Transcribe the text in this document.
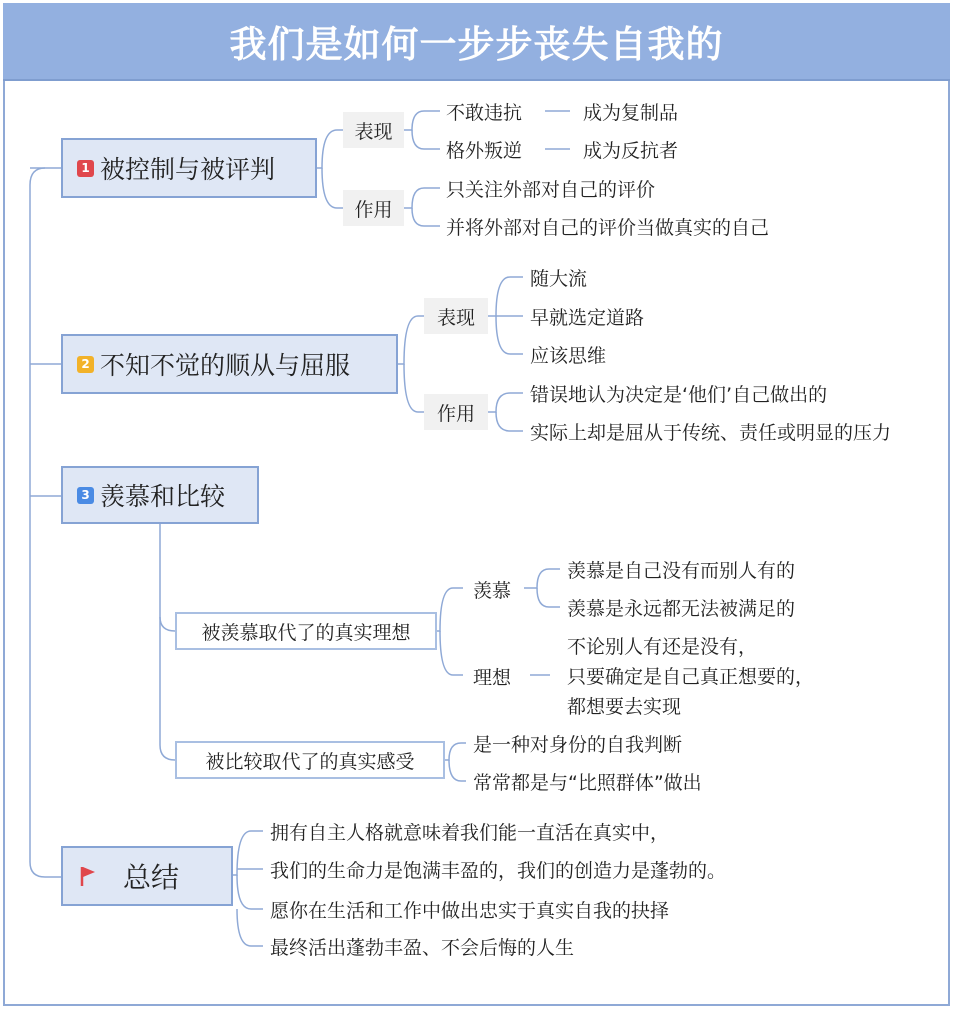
我们是如何一步步丧失自我的
1 被控制与被评判
表现
作用
不敢违抗
格外叛逆
成为复制品
成为反抗者
只关注外部对自己的评价
并将外部对自己的评价当做真实的自己
2 不知不觉的顺从与屈服
表现
作用
随大流
早就选定道路
应该思维
错误地认为决定是‘他们’自己做出的
实际上却是屈从于传统、责任或明显的压力
3 羡慕和比较
被羡慕取代了的真实理想
被比较取代了的真实感受
羡慕
理想
羡慕是自己没有而别人有的
羡慕是永远都无法被满足的
不论别人有还是没有，
只要确定是自己真正想要的，
都想要去实现
是一种对身份的自我判断
常常都是与“比照群体”做出
总结
拥有自主人格就意味着我们能一直活在真实中，
我们的生命力是饱满丰盈的，我们的创造力是蓬勃的。
愿你在生活和工作中做出忠实于真实自我的抉择
最终活出蓬勃丰盈、不会后悔的人生
